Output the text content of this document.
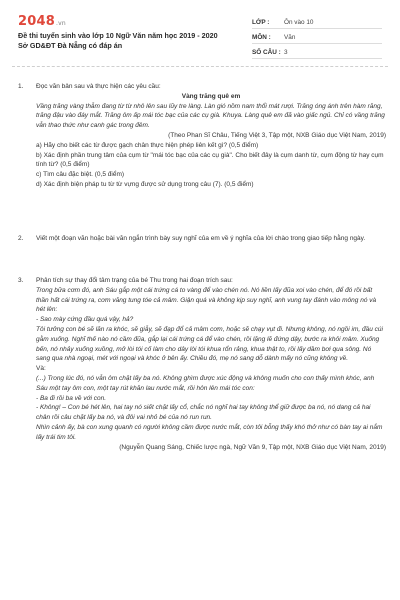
2048.vn
Đề thi tuyển sinh vào lớp 10 Ngữ Văn năm học 2019 - 2020
Sở GD&ĐT Đà Nẵng có đáp án
LỚP :	Ôn vào 10
MÔN :	Văn
SỐ CÂU : 3
1. Đọc văn bản sau và thực hiện các yêu cầu:

Vàng trăng quê em

Vầng trăng vàng thẫm đang từ từ nhô lên sau lũy tre làng. Làn gió nồm nam thổi mát rượi. Trăng óng ánh trên hàm răng, trăng đậu vào đáy mắt. Trăng ôm ấp mái tóc bạc của các cụ già. Khuya. Làng quê em đã vào giấc ngủ. Chỉ có vầng trăng vẫn thao thức như canh gác trong đêm.

(Theo Phan Sĩ Châu, Tiếng Việt 3, Tập một, NXB Giáo dục Việt Nam, 2019)

a) Hãy cho biết các từ được gạch chân thực hiện phép liên kết gì? (0,5 điểm)

b) Xác định phần trung tâm của cụm từ "mái tóc bạc của các cụ già". Cho biết đây là cụm danh từ, cụm động từ hay cụm tính từ? (0,5 điểm)

c) Tìm câu đặc biệt. (0,5 điểm)

d) Xác định biện pháp tu từ từ vựng được sử dụng trong câu (7). (0,5 điểm)

2. Viết một đoạn văn hoặc bài văn ngắn trình bày suy nghĩ của em về ý nghĩa của lời chào trong giao tiếp hằng ngày.

3. Phân tích sự thay đổi tâm trạng của bé Thu trong hai đoạn trích sau:

Trong bữa cơm đó, anh Sáu gắp một cái trứng cá to vàng để vào chén nó. Nó liền lấy đũa xoi vào chén, để đó rồi bất thần hất cái trứng ra, cơm văng tung tóe cả mâm. Giận quá và không kịp suy nghĩ, anh vung tay đánh vào mông nó và hét lên:

- Sao mày cứng đầu quá vậy, hả?

Tôi tưởng con bé sẽ lăn ra khóc, sẽ giẫy, sẽ đạp đổ cả mâm cơm, hoặc sẽ chạy vụt đi. Nhưng không, nó ngồi im, đầu cúi gằm xuống. Nghĩ thế nào nó cầm đũa, gắp lại cái trứng cá để vào chén, rồi lặng lẽ đứng dậy, bước ra khỏi mâm. Xuống bến, nó nhảy xuống xuồng, mở lòi tói cố làm cho dây lòi tói khua rổn rảng, khua thật to, rồi lấy dầm bơi qua sông. Nó sang qua nhà ngoại, mét với ngoại và khóc ở bên ấy. Chiều đó, mẹ nó sang dỗ dành mấy nó cũng không về.

Và:

(...) Trong lúc đó, nó vẫn ôm chặt lấy ba nó. Không ghìm được xúc động và không muốn cho con thấy mình khóc, anh Sáu một tay ôm con, một tay rút khăn lau nước mắt, rồi hôn lên mái tóc con:

- Ba đi rồi ba về với con.

- Không! – Con bé hét lên, hai tay nó siết chặt lấy cổ, chắc nó nghĩ hai tay không thể giữ được ba nó, nó dang cả hai chân rồi câu chặt lấy ba nó, và đôi vai nhỏ bé của nó run run.

Nhìn cảnh ấy, bà con xung quanh có người không cầm được nước mắt, còn tôi bỗng thấy khó thở như có bàn tay ai nắm lấy trái tim tôi.

(Nguyễn Quang Sáng, Chiếc lược ngà, Ngữ Văn 9, Tập một, NXB Giáo dục Việt Nam, 2019)
